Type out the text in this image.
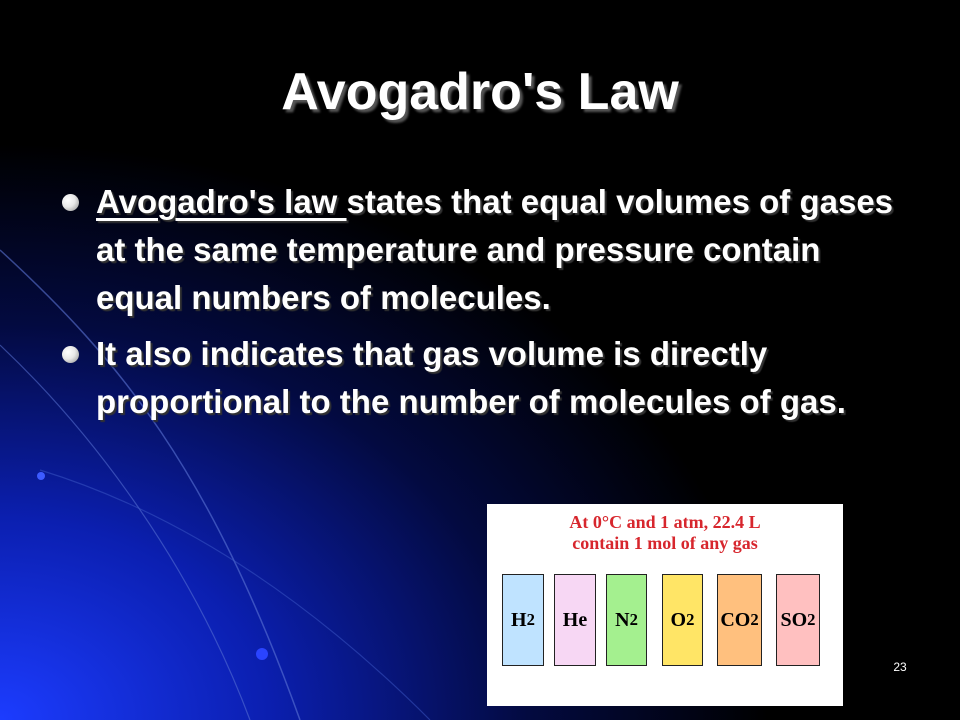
Avogadro's Law
Avogadro's law states that equal volumes of gases at the same temperature and pressure contain equal numbers of molecules.
It also indicates that gas volume is directly proportional to the number of molecules of gas.
At 0°C and 1 atm, 22.4 L
contain 1 mol of any gas
H 2 He N 2 O 2 CO 2 SO 2
23
